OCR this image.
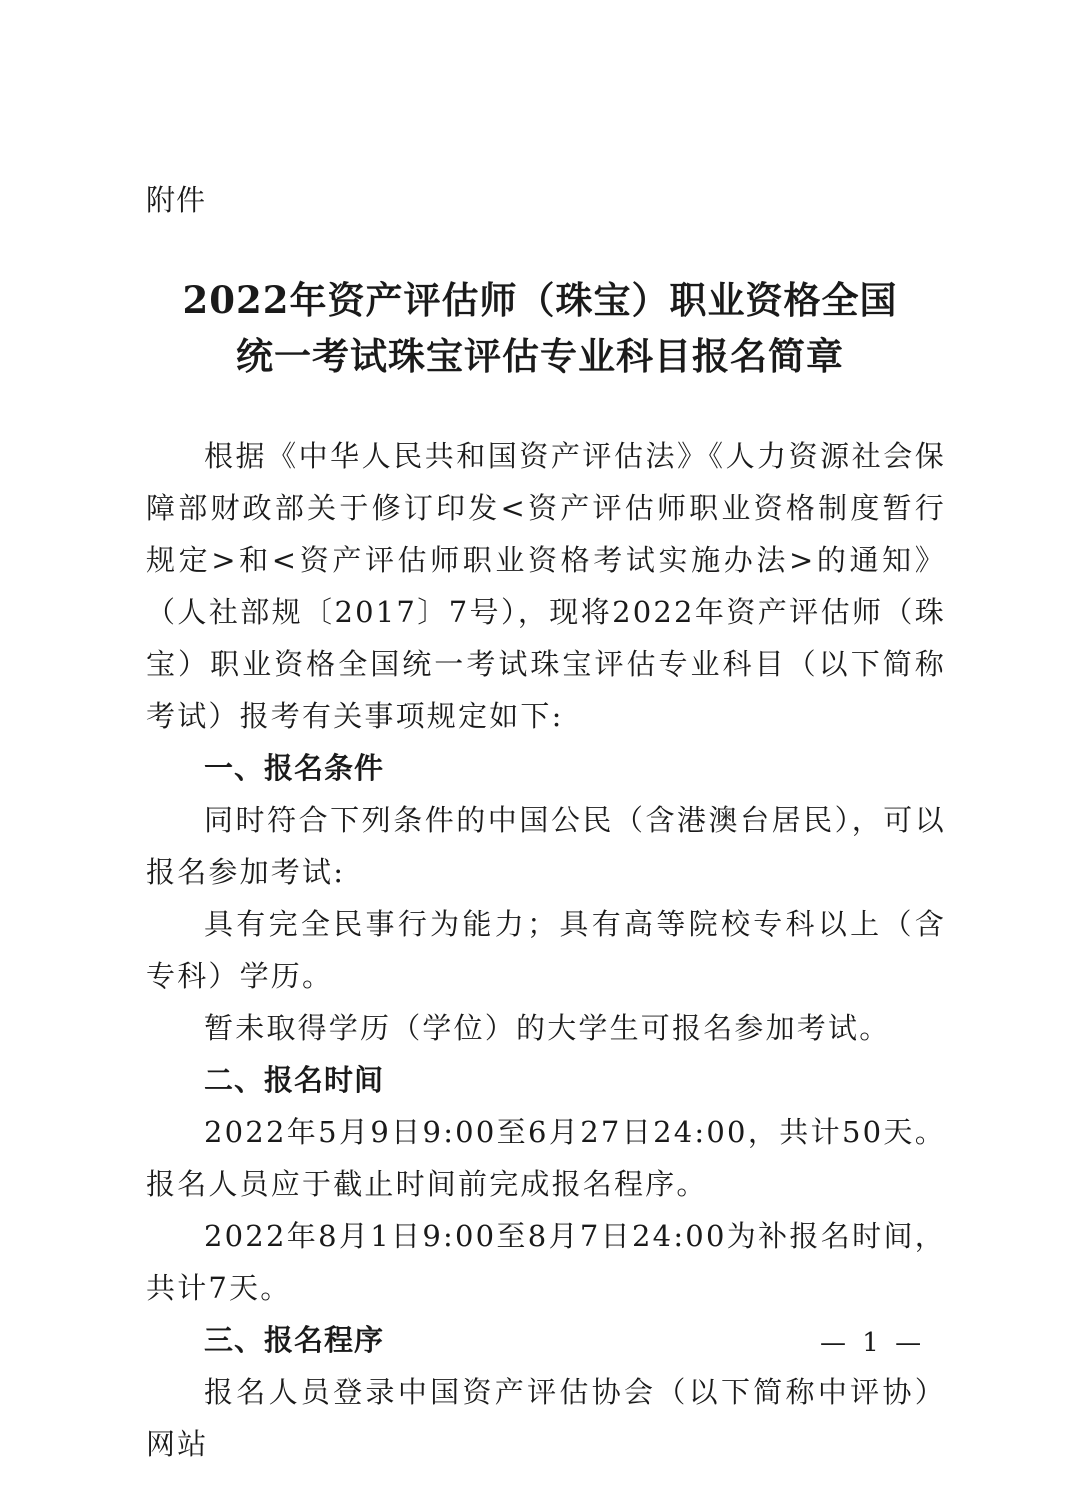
附件
2022年资产评估师（珠宝）职业资格全国
统一考试珠宝评估专业科目报名简章

根据《中华人民共和国资产评估法》《人力资源社会保障部财政部关于修订印发<资产评估师职业资格制度暂行规定>和<资产评估师职业资格考试实施办法>的通知》（人社部规〔2017〕7号），现将2022年资产评估师（珠宝）职业资格全国统一考试珠宝评估专业科目（以下简称考试）报考有关事项规定如下:

一、报名条件

同时符合下列条件的中国公民（含港澳台居民），可以报名参加考试:

具有完全民事行为能力；具有高等院校专科以上（含专科）学历。

暂未取得学历（学位）的大学生可报名参加考试。

二、报名时间

2022年5月9日9:00至6月27日24:00，共计50天。报名人员应于截止时间前完成报名程序。

2022年8月1日9:00至8月7日24:00为补报名时间，共计7天。

三、报名程序

报名人员登录中国资产评估协会（以下简称中评协）网站

— 1 —
